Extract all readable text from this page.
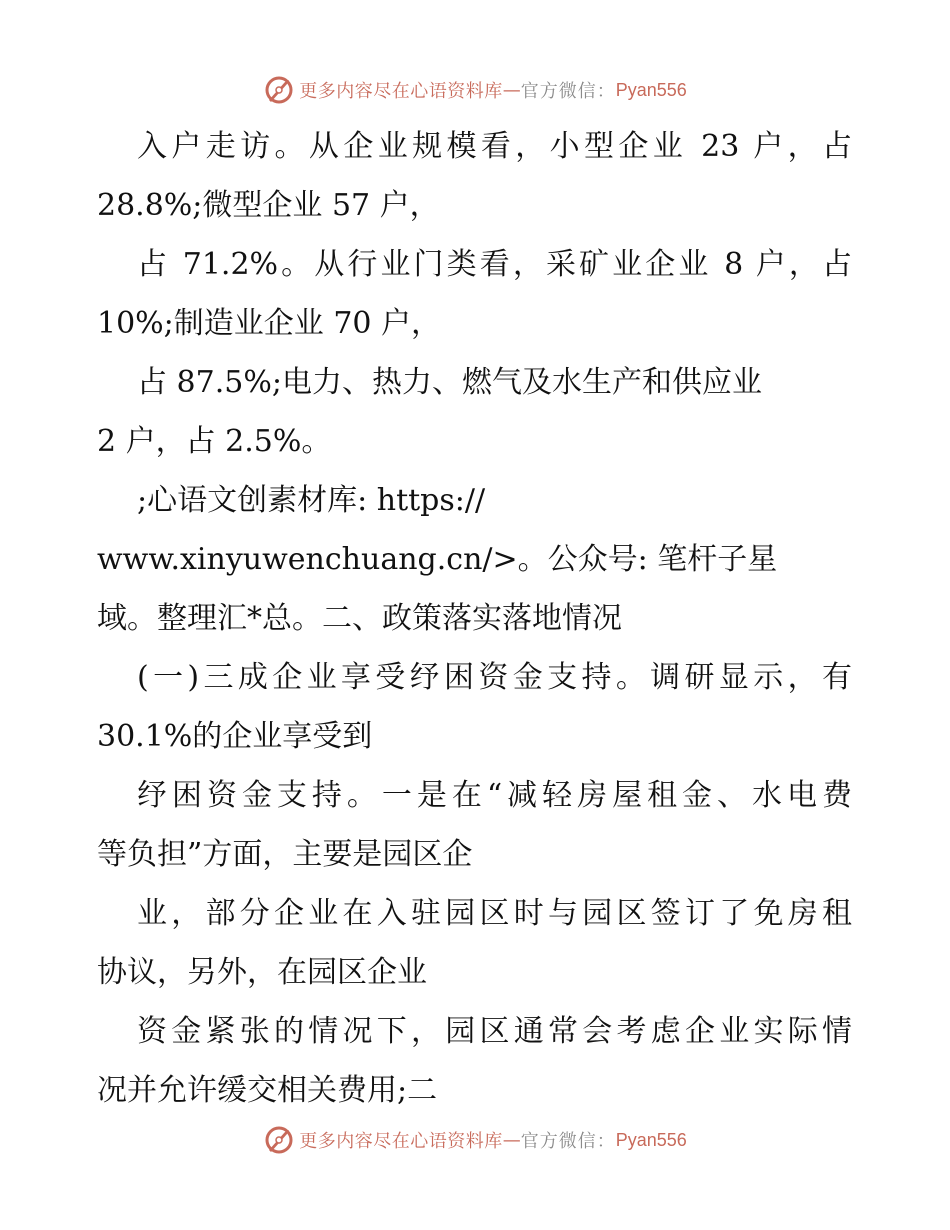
更多内容尽在心语资料库 — 官方微信： Pyan556
入户走访。从企业规模看，小型企业 23 户，占
28.8%;微型企业 57 户，
占 71.2%。从行业门类看，采矿业企业 8 户，占
10%;制造业企业 70 户，
占 87.5%;电力、热力、燃气及水生产和供应业
2 户，占 2.5%。
;心语文创素材库: https://
www.xinyuwenchuang.cn/>。公众号: 笔杆子星
域。整理汇*总。二、政策落实落地情况
(一)三成企业享受纾困资金支持。调研显示，有
30.1%的企业享受到
纾困资金支持。一是在“减轻房屋租金、水电费
等负担”方面，主要是园区企
业，部分企业在入驻园区时与园区签订了免房租
协议，另外，在园区企业
资金紧张的情况下，园区通常会考虑企业实际情
况并允许缓交相关费用;二
更多内容尽在心语资料库 — 官方微信： Pyan556
